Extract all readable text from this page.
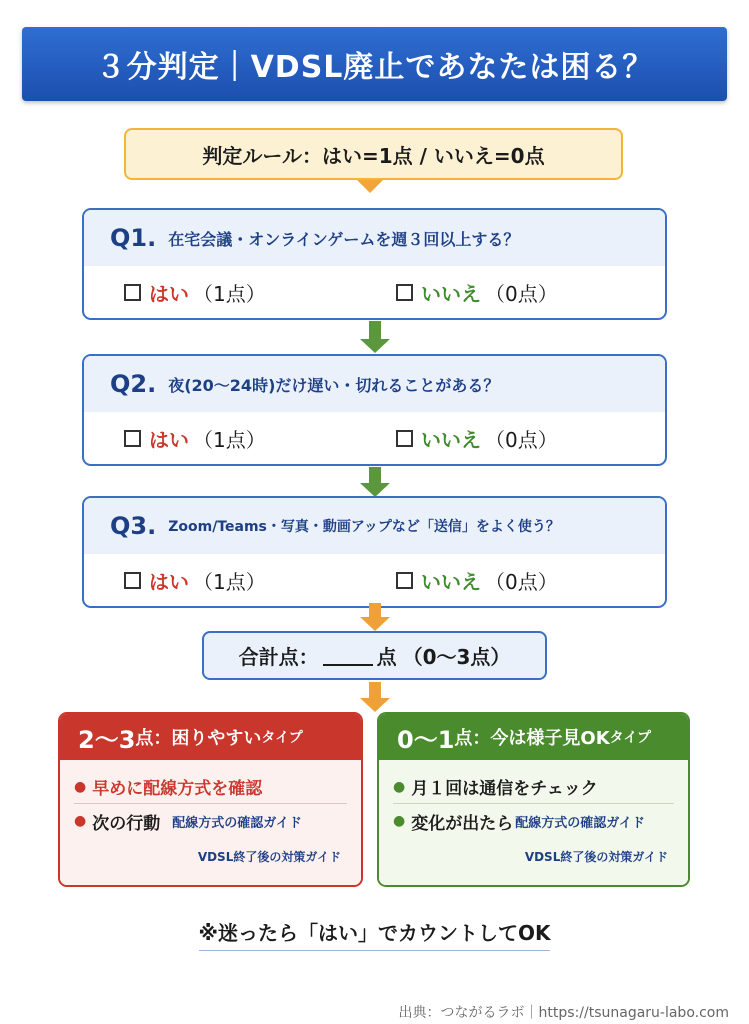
３分判定｜VDSL廃止であなたは困る？
判定ルール：はい=1点 / いいえ=0点
Q1. 在宅会議・オンラインゲームを週３回以上する？
はい （1点）	いいえ （0点）
Q2. 夜(20〜24時)だけ遅い・切れることがある？
はい （1点）	いいえ （0点）
Q3. Zoom/Teams・写真・動画アップなど「送信」をよく使う？
はい （1点）	いいえ （0点）
合計点：	点 （0〜3点）
2〜3 点： 困りやすい タイプ
● 早めに配線方式を確認
● 次の行動 配線方式の確認ガイド
VDSL終了後の対策ガイド
0〜1 点： 今は様子見OK タイプ
● 月１回は通信をチェック
● 変化が出たら 配線方式の確認ガイド
VDSL終了後の対策ガイド
※迷ったら「はい」でカウントしてOK
出典：つながるラボ｜https://tsunagaru-labo.com
